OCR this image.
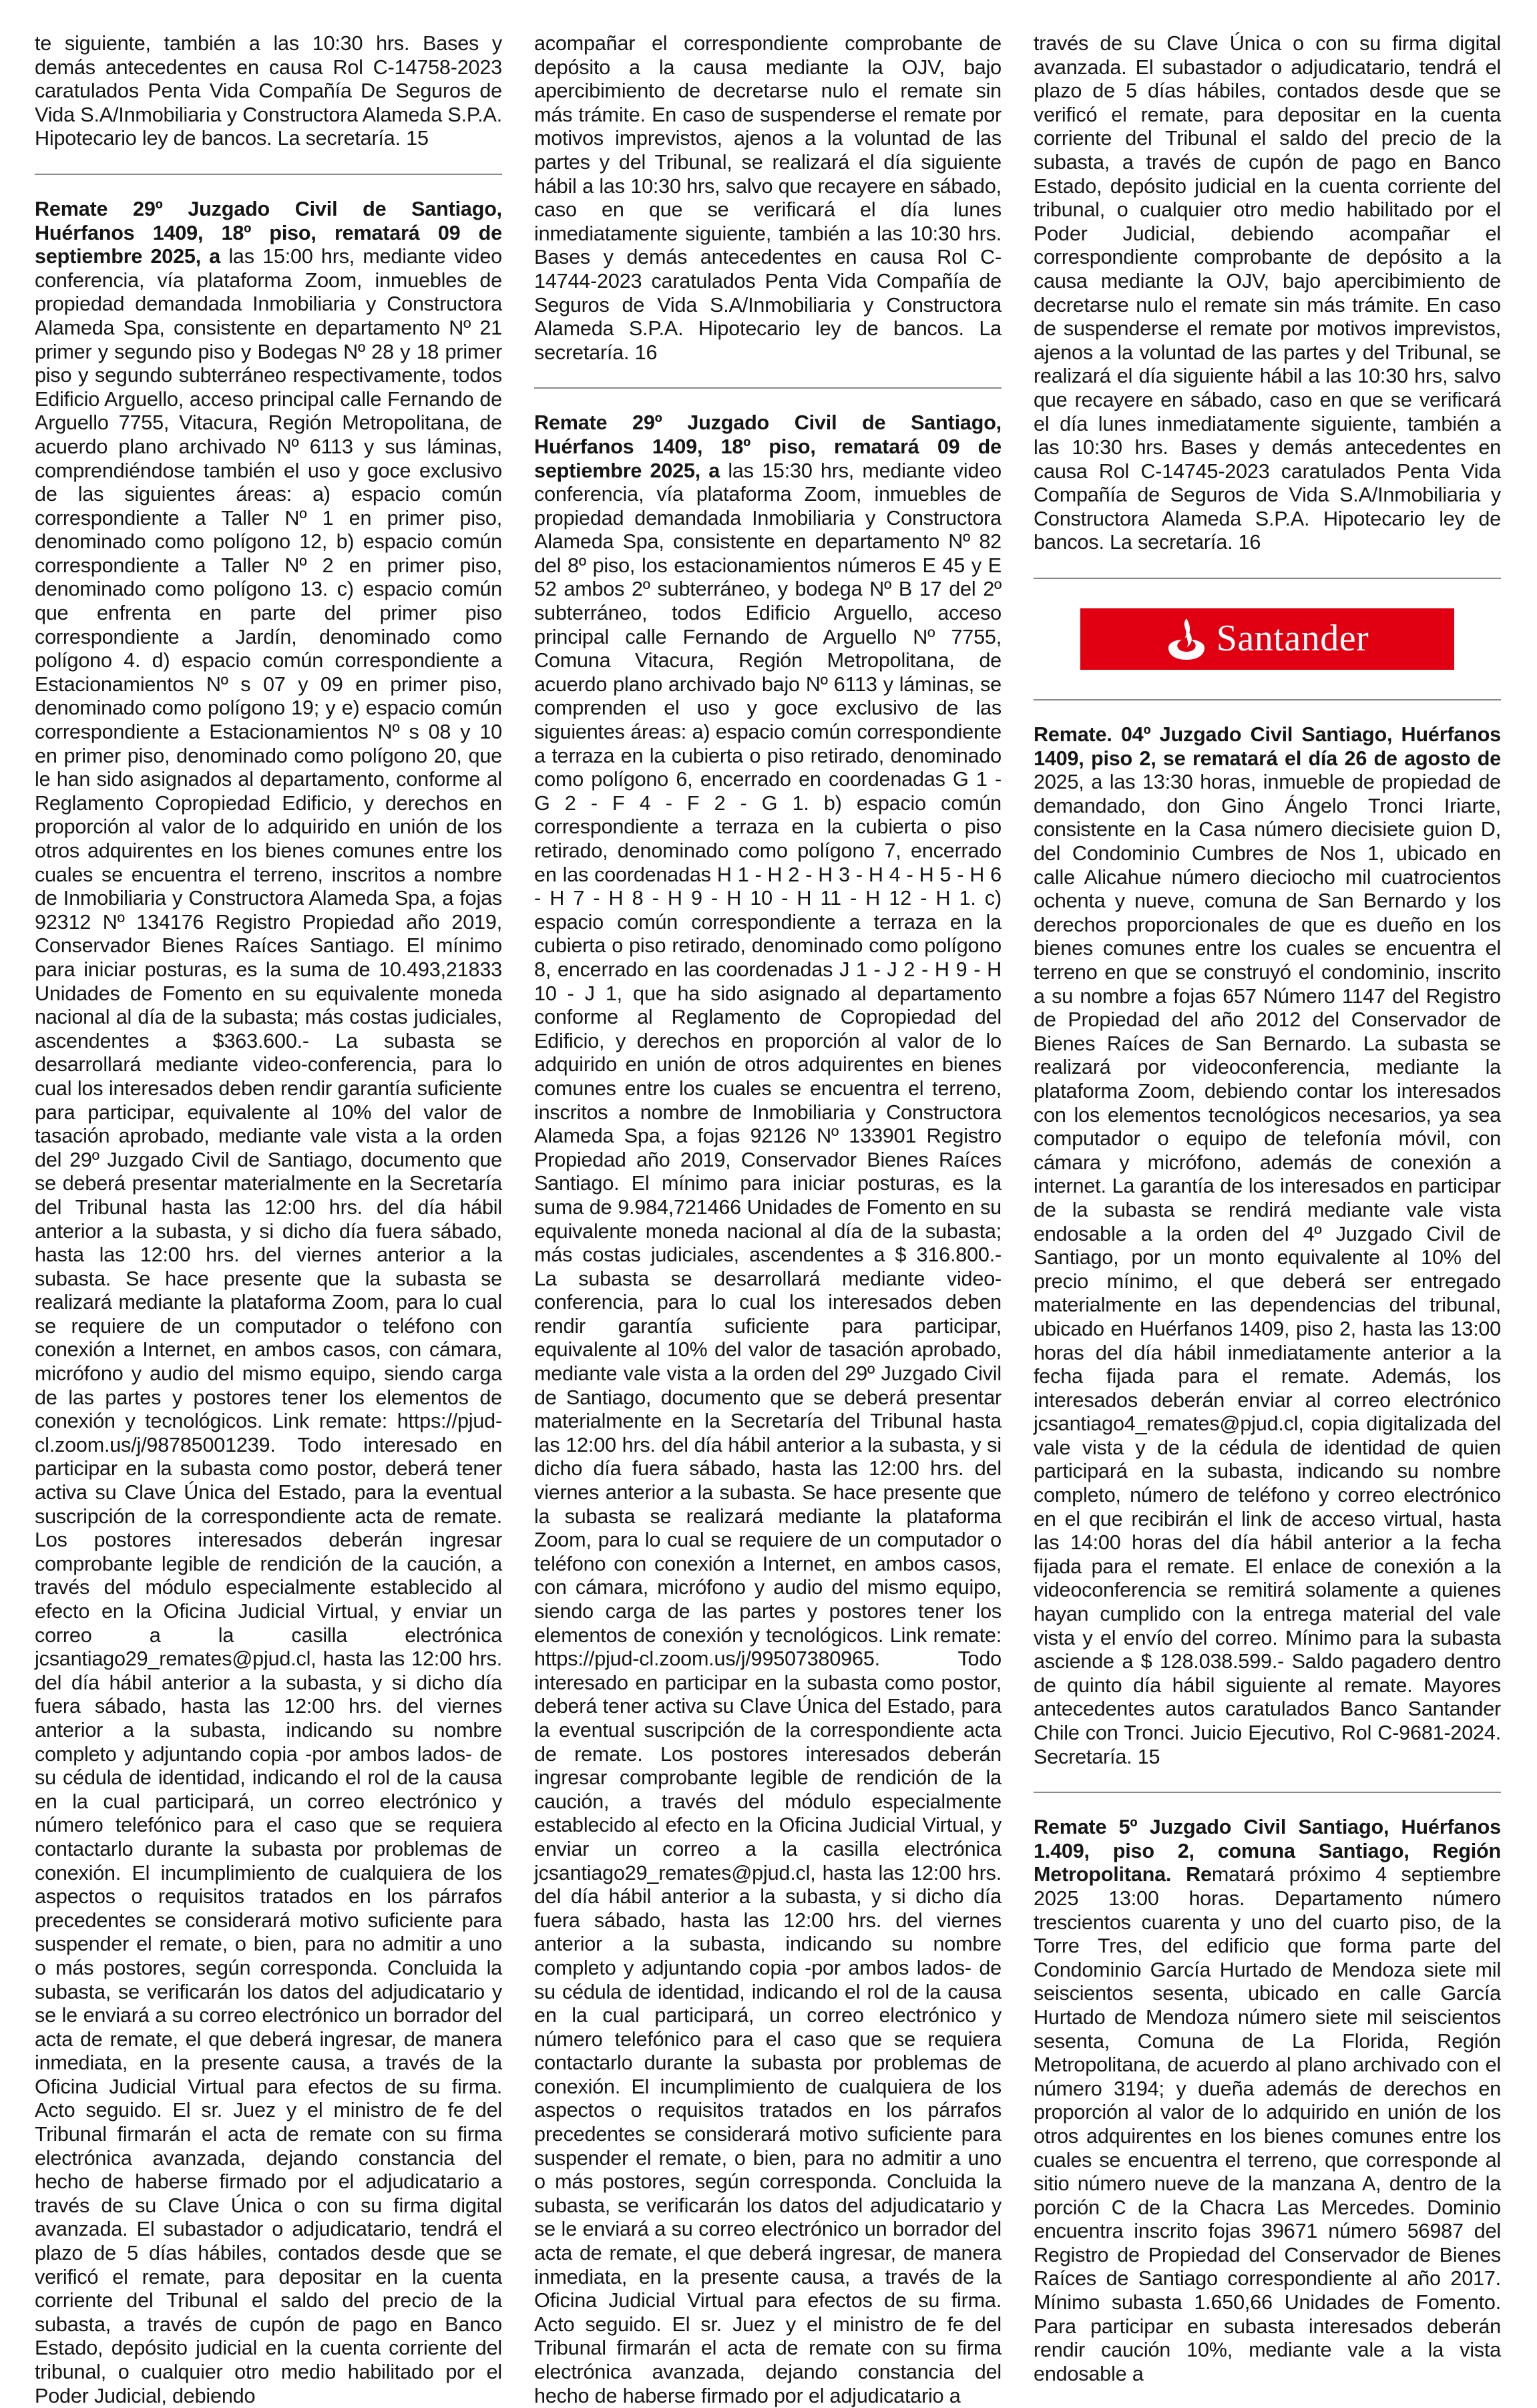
te siguiente, también a las 10:30 hrs. Bases y demás antecedentes en causa Rol C-14758-2023 caratulados Penta Vida Compañía De Seguros de Vida S.A/Inmobiliaria y Constructora Alameda S.P.A. Hipotecario ley de bancos. La secretaría. 15

Remate 29º Juzgado Civil de Santiago, Huérfanos 1409, 18º piso, rematará 09 de septiembre 2025, a las 15:00 hrs, mediante video conferencia, vía plataforma Zoom, inmuebles de propiedad demandada Inmobiliaria y Constructora Alameda Spa, consistente en departamento Nº 21 primer y segundo piso y Bodegas Nº 28 y 18 primer piso y segundo subterráneo respectivamente, todos Edificio Arguello, acceso principal calle Fernando de Arguello 7755, Vitacura, Región Metropolitana, de acuerdo plano archivado Nº 6113 y sus láminas, comprendiéndose también el uso y goce exclusivo de las siguientes áreas: a) espacio común correspondiente a Taller Nº 1 en primer piso, denominado como polígono 12, b) espacio común correspondiente a Taller Nº 2 en primer piso, denominado como polígono 13. c) espacio común que enfrenta en parte del primer piso correspondiente a Jardín, denominado como polígono 4. d) espacio común correspondiente a Estacionamientos Nº s 07 y 09 en primer piso, denominado como polígono 19; y e) espacio común correspondiente a Estacionamientos Nº s 08 y 10 en primer piso, denominado como polígono 20, que le han sido asignados al departamento, conforme al Reglamento Copropiedad Edificio, y derechos en proporción al valor de lo adquirido en unión de los otros adquirentes en los bienes comunes entre los cuales se encuentra el terreno, inscritos a nombre de Inmobiliaria y Constructora Alameda Spa, a fojas 92312 Nº 134176 Registro Propiedad año 2019, Conservador Bienes Raíces Santiago. El mínimo para iniciar posturas, es la suma de 10.493,21833 Unidades de Fomento en su equivalente moneda nacional al día de la subasta; más costas judiciales, ascendentes a $363.600.- La subasta se desarrollará mediante video-conferencia, para lo cual los interesados deben rendir garantía suficiente para participar, equivalente al 10% del valor de tasación aprobado, mediante vale vista a la orden del 29º Juzgado Civil de Santiago, documento que se deberá presentar materialmente en la Secretaría del Tribunal hasta las 12:00 hrs. del día hábil anterior a la subasta, y si dicho día fuera sábado, hasta las 12:00 hrs. del viernes anterior a la subasta. Se hace presente que la subasta se realizará mediante la plataforma Zoom, para lo cual se requiere de un computador o teléfono con conexión a Internet, en ambos casos, con cámara, micrófono y audio del mismo equipo, siendo carga de las partes y postores tener los elementos de conexión y tecnológicos. Link remate: https://pjud-cl.zoom.us/j/98785001239. Todo interesado en participar en la subasta como postor, deberá tener activa su Clave Única del Estado, para la eventual suscripción de la correspondiente acta de remate. Los postores interesados deberán ingresar comprobante legible de rendición de la caución, a través del módulo especialmente establecido al efecto en la Oficina Judicial Virtual, y enviar un correo a la casilla electrónica jcsantiago29_remates@pjud.cl, hasta las 12:00 hrs. del día hábil anterior a la subasta, y si dicho día fuera sábado, hasta las 12:00 hrs. del viernes anterior a la subasta, indicando su nombre completo y adjuntando copia -por ambos lados- de su cédula de identidad, indicando el rol de la causa en la cual participará, un correo electrónico y número telefónico para el caso que se requiera contactarlo durante la subasta por problemas de conexión. El incumplimiento de cualquiera de los aspectos o requisitos tratados en los párrafos precedentes se considerará motivo suficiente para suspender el remate, o bien, para no admitir a uno o más postores, según corresponda. Concluida la subasta, se verificarán los datos del adjudicatario y se le enviará a su correo electrónico un borrador del acta de remate, el que deberá ingresar, de manera inmediata, en la presente causa, a través de la Oficina Judicial Virtual para efectos de su firma. Acto seguido. El sr. Juez y el ministro de fe del Tribunal firmarán el acta de remate con su firma electrónica avanzada, dejando constancia del hecho de haberse firmado por el adjudicatario a través de su Clave Única o con su firma digital avanzada. El subastador o adjudicatario, tendrá el plazo de 5 días hábiles, contados desde que se verificó el remate, para depositar en la cuenta corriente del Tribunal el saldo del precio de la subasta, a través de cupón de pago en Banco Estado, depósito judicial en la cuenta corriente del tribunal, o cualquier otro medio habilitado por el Poder Judicial, debiendo

acompañar el correspondiente comprobante de depósito a la causa mediante la OJV, bajo apercibimiento de decretarse nulo el remate sin más trámite. En caso de suspenderse el remate por motivos imprevistos, ajenos a la voluntad de las partes y del Tribunal, se realizará el día siguiente hábil a las 10:30 hrs, salvo que recayere en sábado, caso en que se verificará el día lunes inmediatamente siguiente, también a las 10:30 hrs. Bases y demás antecedentes en causa Rol C-14744-2023 caratulados Penta Vida Compañía de Seguros de Vida S.A/Inmobiliaria y Constructora Alameda S.P.A. Hipotecario ley de bancos. La secretaría. 16

Remate 29º Juzgado Civil de Santiago, Huérfanos 1409, 18º piso, rematará 09 de septiembre 2025, a las 15:30 hrs, mediante video conferencia, vía plataforma Zoom, inmuebles de propiedad demandada Inmobiliaria y Constructora Alameda Spa, consistente en departamento Nº 82 del 8º piso, los estacionamientos números E 45 y E 52 ambos 2º subterráneo, y bodega Nº B 17 del 2º subterráneo, todos Edificio Arguello, acceso principal calle Fernando de Arguello Nº 7755, Comuna Vitacura, Región Metropolitana, de acuerdo plano archivado bajo Nº 6113 y láminas, se comprenden el uso y goce exclusivo de las siguientes áreas: a) espacio común correspondiente a terraza en la cubierta o piso retirado, denominado como polígono 6, encerrado en coordenadas G 1 - G 2 - F 4 - F 2 - G 1. b) espacio común correspondiente a terraza en la cubierta o piso retirado, denominado como polígono 7, encerrado en las coordenadas H 1 - H 2 - H 3 - H 4 - H 5 - H 6 - H 7 - H 8 - H 9 - H 10 - H 11 - H 12 - H 1. c) espacio común correspondiente a terraza en la cubierta o piso retirado, denominado como polígono 8, encerrado en las coordenadas J 1 - J 2 - H 9 - H 10 - J 1, que ha sido asignado al departamento conforme al Reglamento de Copropiedad del Edificio, y derechos en proporción al valor de lo adquirido en unión de otros adquirentes en bienes comunes entre los cuales se encuentra el terreno, inscritos a nombre de Inmobiliaria y Constructora Alameda Spa, a fojas 92126 Nº 133901 Registro Propiedad año 2019, Conservador Bienes Raíces Santiago. El mínimo para iniciar posturas, es la suma de 9.984,721466 Unidades de Fomento en su equivalente moneda nacional al día de la subasta; más costas judiciales, ascendentes a $ 316.800.- La subasta se desarrollará mediante video-conferencia, para lo cual los interesados deben rendir garantía suficiente para participar, equivalente al 10% del valor de tasación aprobado, mediante vale vista a la orden del 29º Juzgado Civil de Santiago, documento que se deberá presentar materialmente en la Secretaría del Tribunal hasta las 12:00 hrs. del día hábil anterior a la subasta, y si dicho día fuera sábado, hasta las 12:00 hrs. del viernes anterior a la subasta. Se hace presente que la subasta se realizará mediante la plataforma Zoom, para lo cual se requiere de un computador o teléfono con conexión a Internet, en ambos casos, con cámara, micrófono y audio del mismo equipo, siendo carga de las partes y postores tener los elementos de conexión y tecnológicos. Link remate: https://pjud-cl.zoom.us/j/99507380965. Todo interesado en participar en la subasta como postor, deberá tener activa su Clave Única del Estado, para la eventual suscripción de la correspondiente acta de remate. Los postores interesados deberán ingresar comprobante legible de rendición de la caución, a través del módulo especialmente establecido al efecto en la Oficina Judicial Virtual, y enviar un correo a la casilla electrónica jcsantiago29_remates@pjud.cl, hasta las 12:00 hrs. del día hábil anterior a la subasta, y si dicho día fuera sábado, hasta las 12:00 hrs. del viernes anterior a la subasta, indicando su nombre completo y adjuntando copia -por ambos lados- de su cédula de identidad, indicando el rol de la causa en la cual participará, un correo electrónico y número telefónico para el caso que se requiera contactarlo durante la subasta por problemas de conexión. El incumplimiento de cualquiera de los aspectos o requisitos tratados en los párrafos precedentes se considerará motivo suficiente para suspender el remate, o bien, para no admitir a uno o más postores, según corresponda. Concluida la subasta, se verificarán los datos del adjudicatario y se le enviará a su correo electrónico un borrador del acta de remate, el que deberá ingresar, de manera inmediata, en la presente causa, a través de la Oficina Judicial Virtual para efectos de su firma. Acto seguido. El sr. Juez y el ministro de fe del Tribunal firmarán el acta de remate con su firma electrónica avanzada, dejando constancia del hecho de haberse firmado por el adjudicatario a

través de su Clave Única o con su firma digital avanzada. El subastador o adjudicatario, tendrá el plazo de 5 días hábiles, contados desde que se verificó el remate, para depositar en la cuenta corriente del Tribunal el saldo del precio de la subasta, a través de cupón de pago en Banco Estado, depósito judicial en la cuenta corriente del tribunal, o cualquier otro medio habilitado por el Poder Judicial, debiendo acompañar el correspondiente comprobante de depósito a la causa mediante la OJV, bajo apercibimiento de decretarse nulo el remate sin más trámite. En caso de suspenderse el remate por motivos imprevistos, ajenos a la voluntad de las partes y del Tribunal, se realizará el día siguiente hábil a las 10:30 hrs, salvo que recayere en sábado, caso en que se verificará el día lunes inmediatamente siguiente, también a las 10:30 hrs. Bases y demás antecedentes en causa Rol C-14745-2023 caratulados Penta Vida Compañía de Seguros de Vida S.A/Inmobiliaria y Constructora Alameda S.P.A. Hipotecario ley de bancos. La secretaría. 16

Santander

Remate. 04º Juzgado Civil Santiago, Huérfanos 1409, piso 2, se rematará el día 26 de agosto de 2025, a las 13:30 horas, inmueble de propiedad de demandado, don Gino Ángelo Tronci Iriarte, consistente en la Casa número diecisiete guion D, del Condominio Cumbres de Nos 1, ubicado en calle Alicahue número dieciocho mil cuatrocientos ochenta y nueve, comuna de San Bernardo y los derechos proporcionales de que es dueño en los bienes comunes entre los cuales se encuentra el terreno en que se construyó el condominio, inscrito a su nombre a fojas 657 Número 1147 del Registro de Propiedad del año 2012 del Conservador de Bienes Raíces de San Bernardo. La subasta se realizará por videoconferencia, mediante la plataforma Zoom, debiendo contar los interesados con los elementos tecnológicos necesarios, ya sea computador o equipo de telefonía móvil, con cámara y micrófono, además de conexión a internet. La garantía de los interesados en participar de la subasta se rendirá mediante vale vista endosable a la orden del 4º Juzgado Civil de Santiago, por un monto equivalente al 10% del precio mínimo, el que deberá ser entregado materialmente en las dependencias del tribunal, ubicado en Huérfanos 1409, piso 2, hasta las 13:00 horas del día hábil inmediatamente anterior a la fecha fijada para el remate. Además, los interesados deberán enviar al correo electrónico jcsantiago4_remates@pjud.cl, copia digitalizada del vale vista y de la cédula de identidad de quien participará en la subasta, indicando su nombre completo, número de teléfono y correo electrónico en el que recibirán el link de acceso virtual, hasta las 14:00 horas del día hábil anterior a la fecha fijada para el remate. El enlace de conexión a la videoconferencia se remitirá solamente a quienes hayan cumplido con la entrega material del vale vista y el envío del correo. Mínimo para la subasta asciende a $ 128.038.599.- Saldo pagadero dentro de quinto día hábil siguiente al remate. Mayores antecedentes autos caratulados Banco Santander Chile con Tronci. Juicio Ejecutivo, Rol C-9681-2024. Secretaría. 15

Remate 5º Juzgado Civil Santiago, Huérfanos 1.409, piso 2, comuna Santiago, Región Metropolitana. Rematará próximo 4 septiembre 2025 13:00 horas. Departamento número trescientos cuarenta y uno del cuarto piso, de la Torre Tres, del edificio que forma parte del Condominio García Hurtado de Mendoza siete mil seiscientos sesenta, ubicado en calle García Hurtado de Mendoza número siete mil seiscientos sesenta, Comuna de La Florida, Región Metropolitana, de acuerdo al plano archivado con el número 3194; y dueña además de derechos en proporción al valor de lo adquirido en unión de los otros adquirentes en los bienes comunes entre los cuales se encuentra el terreno, que corresponde al sitio número nueve de la manzana A, dentro de la porción C de la Chacra Las Mercedes. Dominio encuentra inscrito fojas 39671 número 56987 del Registro de Propiedad del Conservador de Bienes Raíces de Santiago correspondiente al año 2017. Mínimo subasta 1.650,66 Unidades de Fomento. Para participar en subasta interesados deberán rendir caución 10%, mediante vale a la vista endosable a
